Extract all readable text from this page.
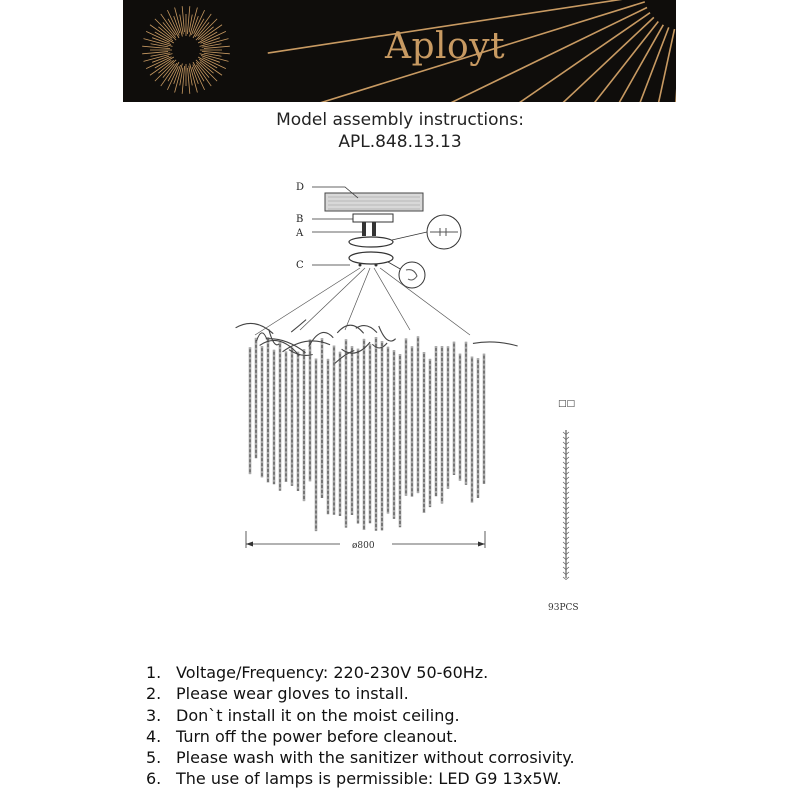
Aployt
Model assembly instructions:
APL.848.13.13
D
B
A
C
ø800
□□
93PCS
1. Voltage/Frequency: 220-230V 50-60Hz.
2. Please wear gloves to install.
3. Don`t install it on the moist ceiling.
4. Turn off the power before cleanout.
5. Please wash with the sanitizer without corrosivity.
6. The use of lamps is permissible: LED G9 13x5W.
